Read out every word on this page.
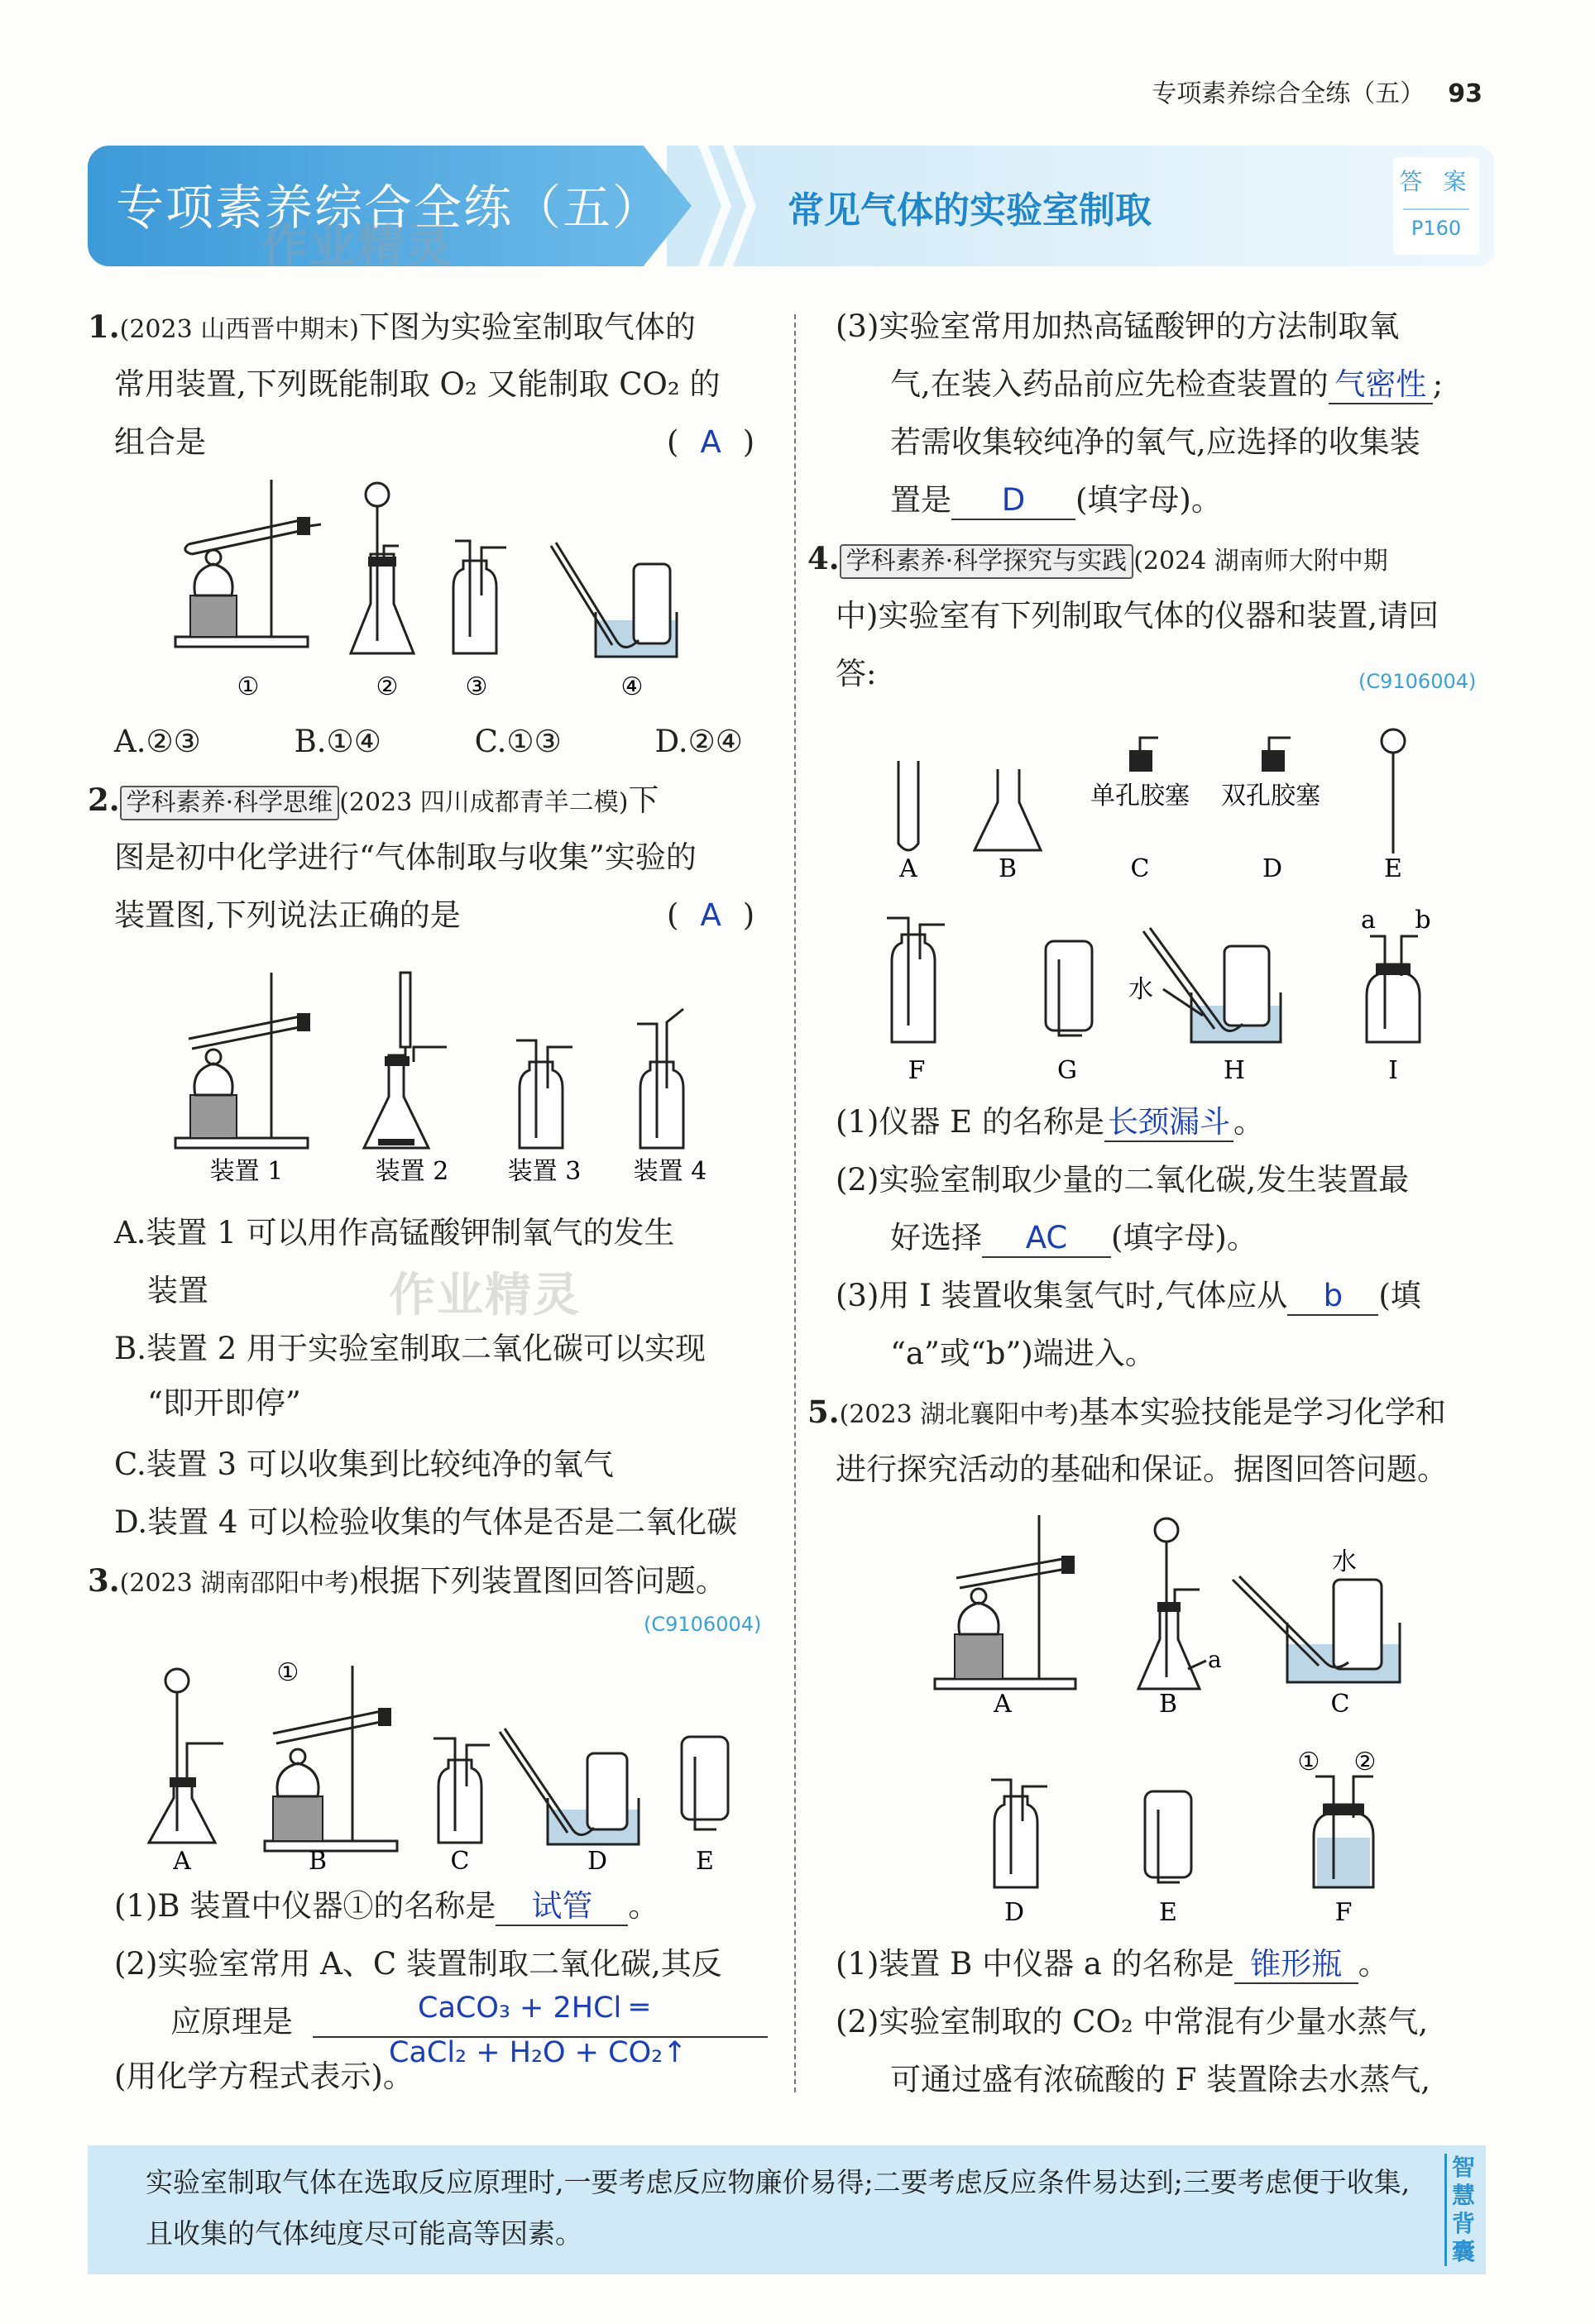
专项素养综合全练（五） 93
专项素养综合全练（五）
作业精灵
常见气体的实验室制取
答 案
P160
1.(2023 山西晋中期末)下图为实验室制取气体的
常用装置,下列既能制取 O₂ 又能制取 CO₂ 的
组合是	( A )
①	②	③	④
A.②③	B.①④	C.①③	D.②④
2. 学科素养·科学思维 (2023 四川成都青羊二模)下
图是初中化学进行“气体制取与收集”实验的
装置图,下列说法正确的是	( A )
装置 1	装置 2 装置 3 装置 4
A.装置 1 可以用作高锰酸钾制氧气的发生
装置	作业精灵
B.装置 2 用于实验室制取二氧化碳可以实现
“即开即停”
C.装置 3 可以收集到比较纯净的氧气
D.装置 4 可以检验收集的气体是否是二氧化碳
3.(2023 湖南邵阳中考)根据下列装置图回答问题。
(C9106004)
A
①
B	C	D	E
(1)B 装置中仪器①的名称是 试管 。
(2)实验室常用 A、C 装置制取二氧化碳,其反
应原理是	CaCO₃ + 2HCl ═
CaCl₂ + H₂O + CO₂↑
(用化学方程式表示)。
(3)实验室常用加热高锰酸钾的方法制取氧
气,在装入药品前应先检查装置的 气密性 ;
若需收集较纯净的氧气,应选择的收集装
置是 D (填字母)。
4. 学科素养·科学探究与实践 (2024 湖南师大附中期
中)实验室有下列制取气体的仪器和装置,请回
答:	(C9106004)
A	B
单孔胶塞
C
双孔胶塞
D	E
F	G
水
H
a b
I
(1)仪器 E 的名称是 长颈漏斗 。
(2)实验室制取少量的二氧化碳,发生装置最
好选择 AC (填字母)。
(3)用 I 装置收集氢气时,气体应从 b (填
“a”或“b”)端进入。
5.(2023 湖北襄阳中考)基本实验技能是学习化学和
进行探究活动的基础和保证。据图回答问题。
A
a
B
水
C
D	E
① ②
F
(1)装置 B 中仪器 a 的名称是 锥形瓶 。
(2)实验室制取的 CO₂ 中常混有少量水蒸气,
可通过盛有浓硫酸的 F 装置除去水蒸气,
实验室制取气体在选取反应原理时,一要考虑反应物廉价易得;二要考虑反应条件易达到;三要考虑便于收集,且收集的气体纯度尽可能高等因素。
智慧背囊
